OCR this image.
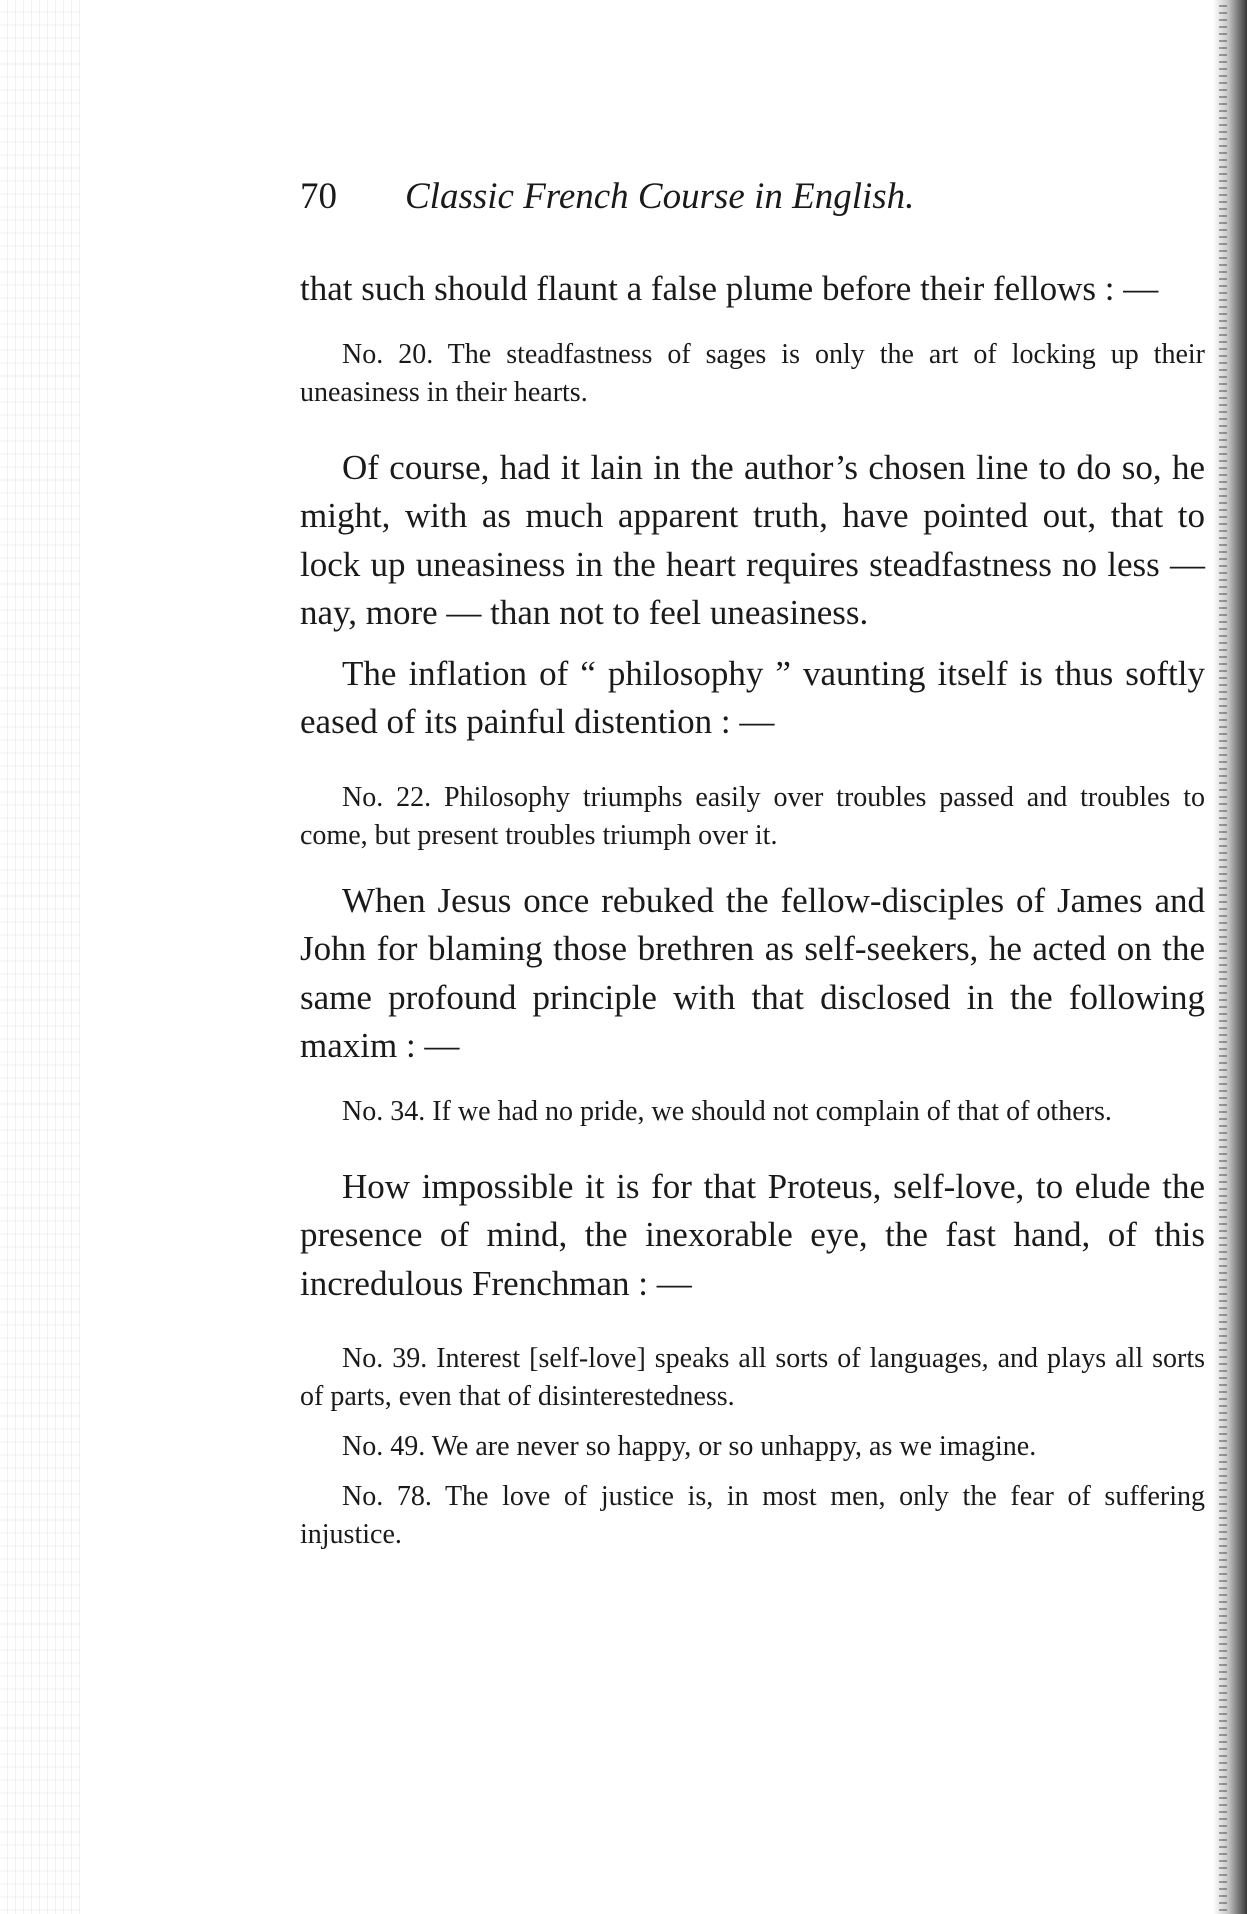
70	Classic French Course in English.

that such should flaunt a false plume before their fellows : —

No. 20. The steadfastness of sages is only the art of locking up their uneasiness in their hearts.

Of course, had it lain in the author’s chosen line to do so, he might, with as much apparent truth, have pointed out, that to lock up uneasiness in the heart requires steadfastness no less — nay, more — than not to feel uneasiness.

The inflation of “ philosophy ” vaunting itself is thus softly eased of its painful distention : —

No. 22. Philosophy triumphs easily over troubles passed and troubles to come, but present troubles triumph over it.

When Jesus once rebuked the fellow-disciples of James and John for blaming those brethren as self-seekers, he acted on the same profound principle with that disclosed in the following maxim : —

No. 34. If we had no pride, we should not complain of that of others.

How impossible it is for that Proteus, self-love, to elude the presence of mind, the inexorable eye, the fast hand, of this incredulous Frenchman : —

No. 39. Interest [self-love] speaks all sorts of languages, and plays all sorts of parts, even that of disinterestedness.

No. 49. We are never so happy, or so unhappy, as we imagine.

No. 78. The love of justice is, in most men, only the fear of suffering injustice.
